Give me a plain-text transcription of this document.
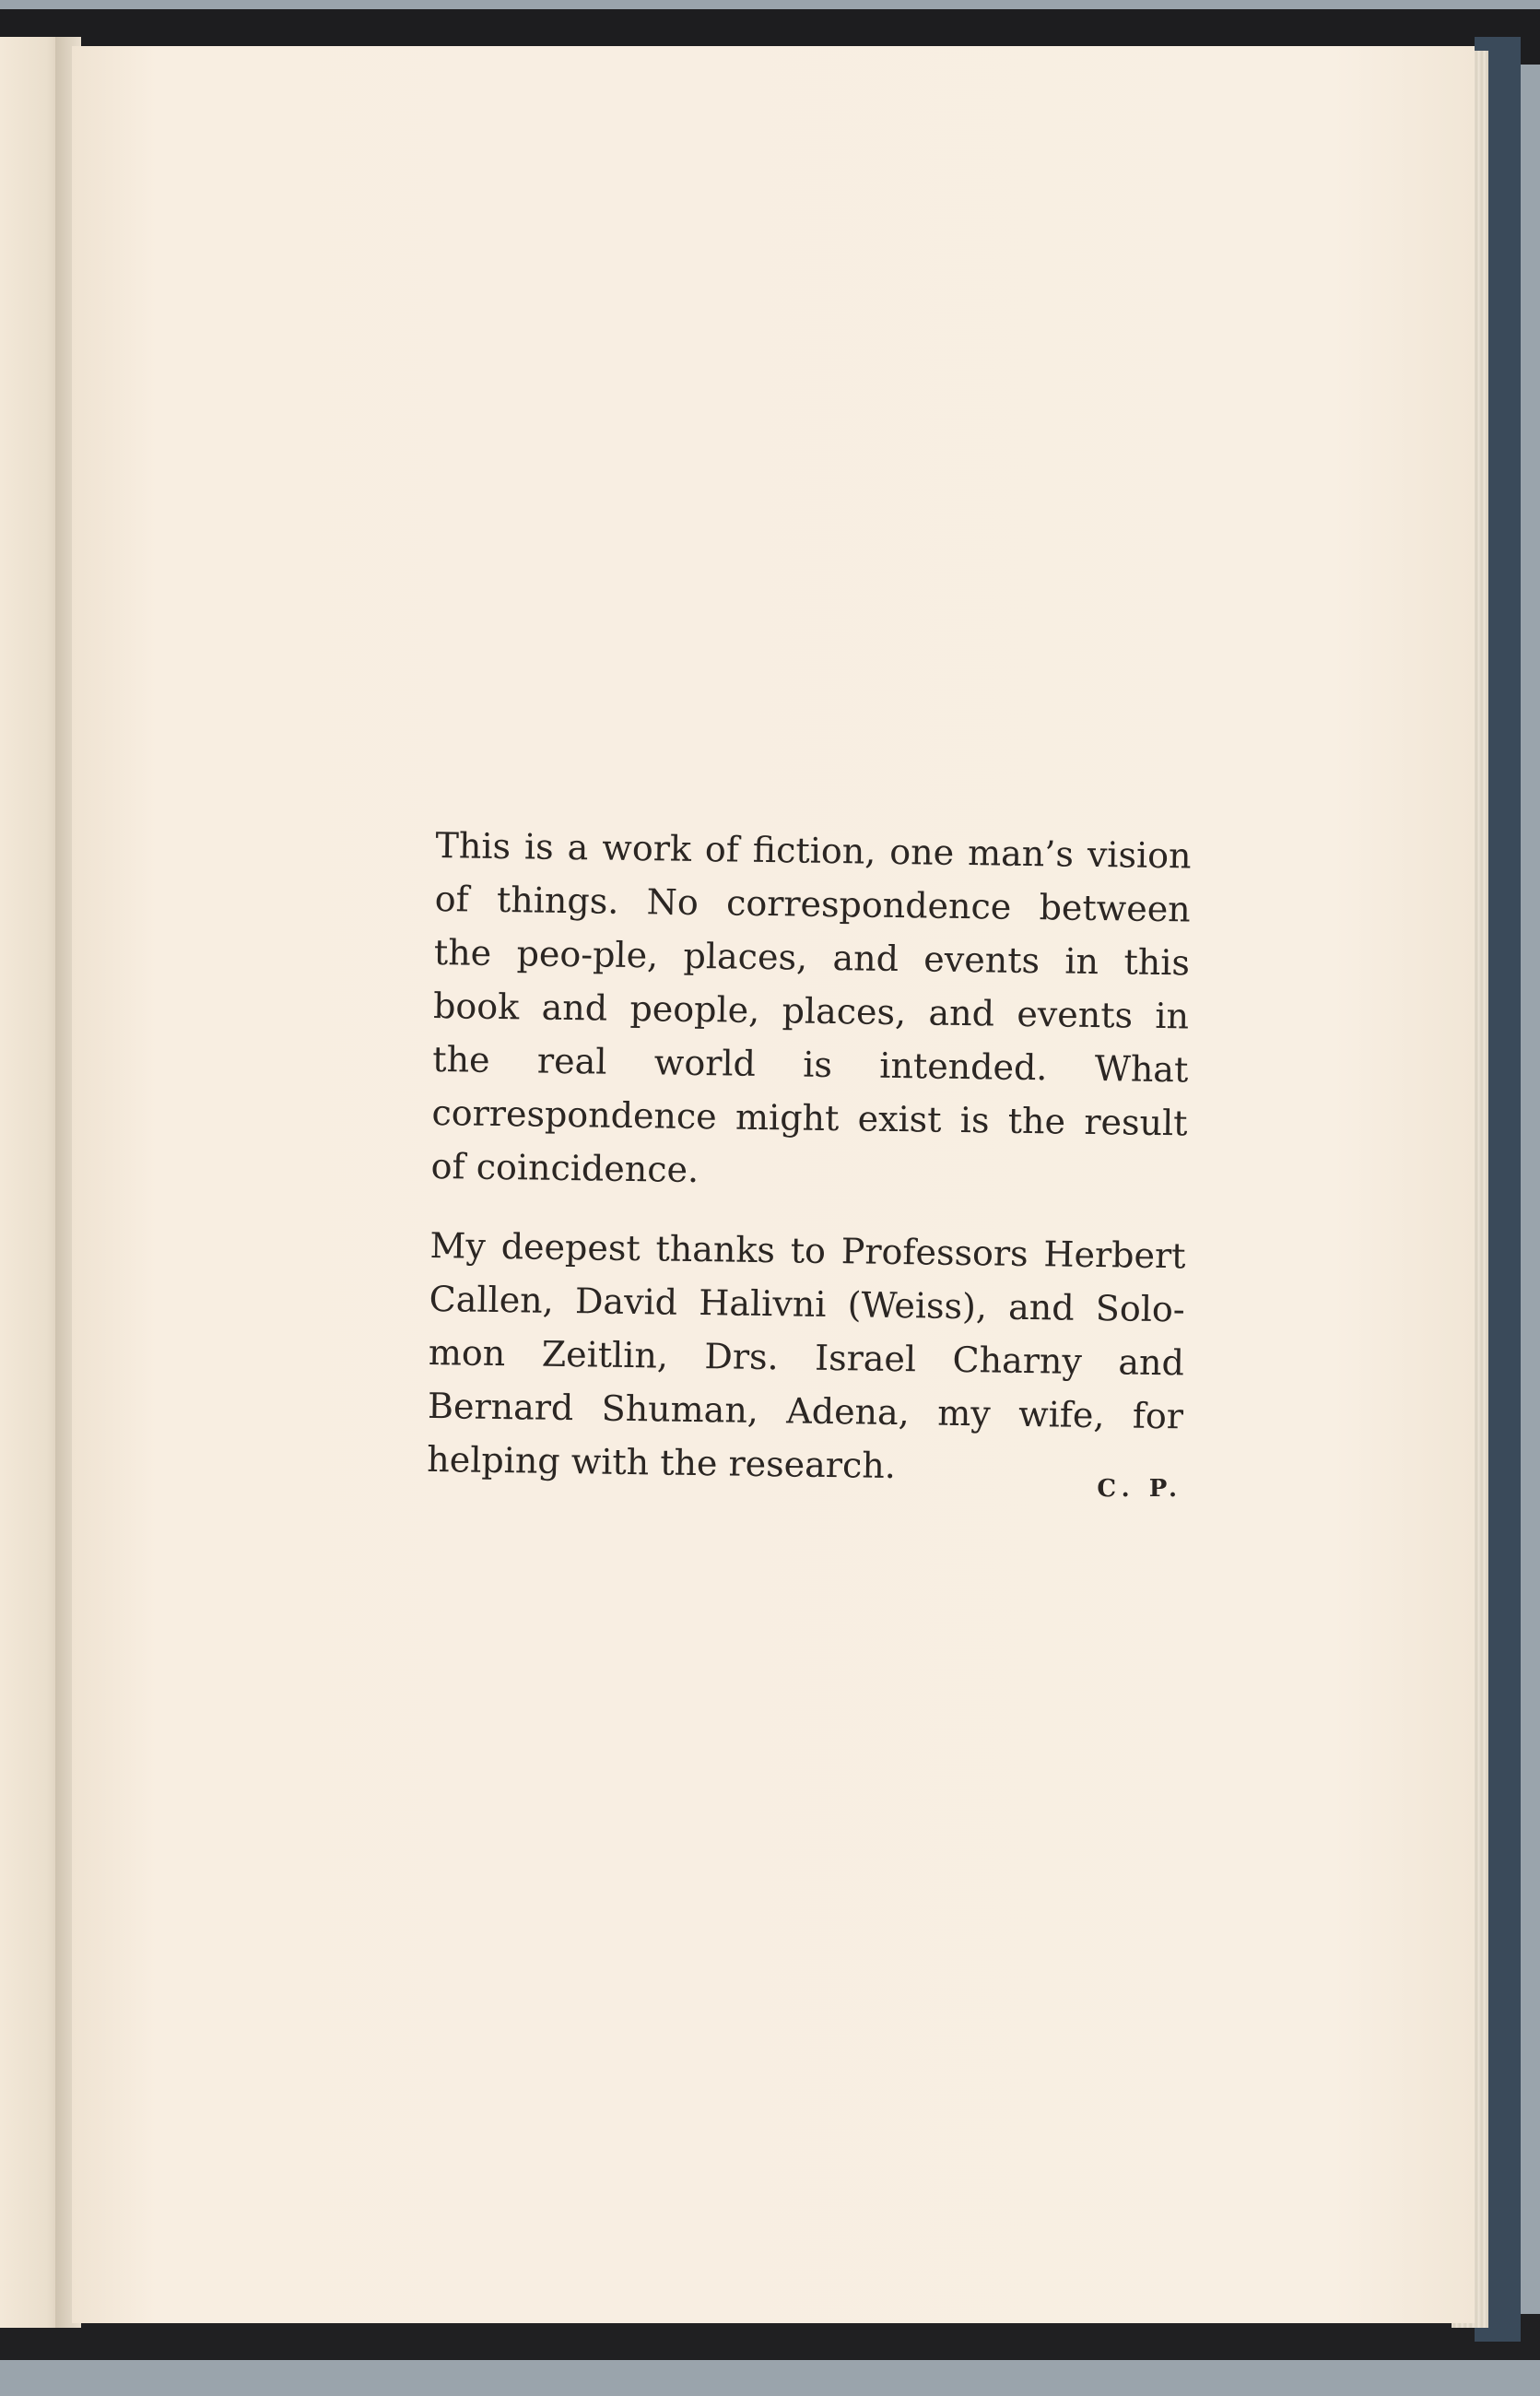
This is a work of fiction, one man’s vision of things. No correspondence between the peo-ple, places, and events in this book and people, places, and events in the real world is intended. What correspondence might exist is the result of coincidence.

My deepest thanks to Professors Herbert Callen, David Halivni (Weiss), and Solo-mon Zeitlin, Drs. Israel Charny and Bernard Shuman, Adena, my wife, for helping with the research.

C. P.
